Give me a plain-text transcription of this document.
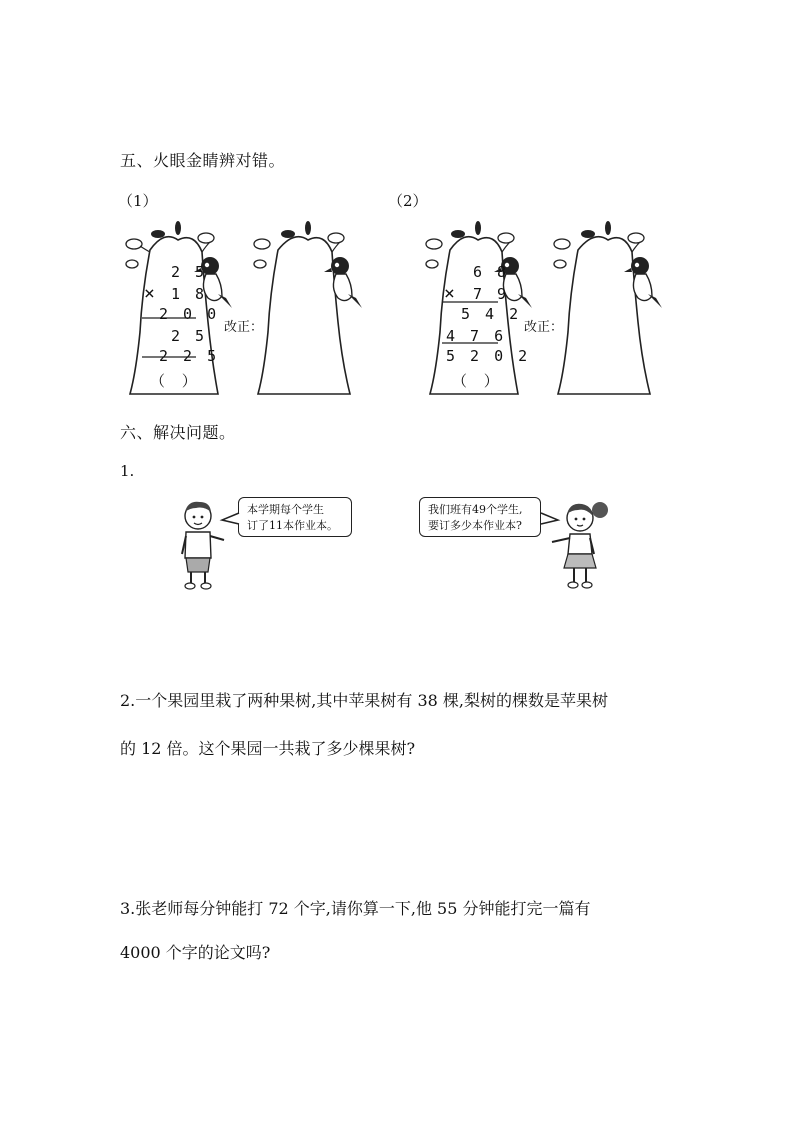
五、火眼金睛辨对错。
（1）	（2）
2 5
× 1 8
2 0 0
2 5
2 2 5
（ ）
改正：
6 8
× 7 9
5 4 2
4 7 6
5 2 0 2
（ ）
改正：
六、解决问题。
1.
本学期每个学生
订了11本作业本。
我们班有49个学生,
要订多少本作业本?
2.一个果园里栽了两种果树,其中苹果树有 38 棵,梨树的棵数是苹果树
的 12 倍。这个果园一共栽了多少棵果树?
3.张老师每分钟能打 72 个字,请你算一下,他 55 分钟能打完一篇有
4000 个字的论文吗?
